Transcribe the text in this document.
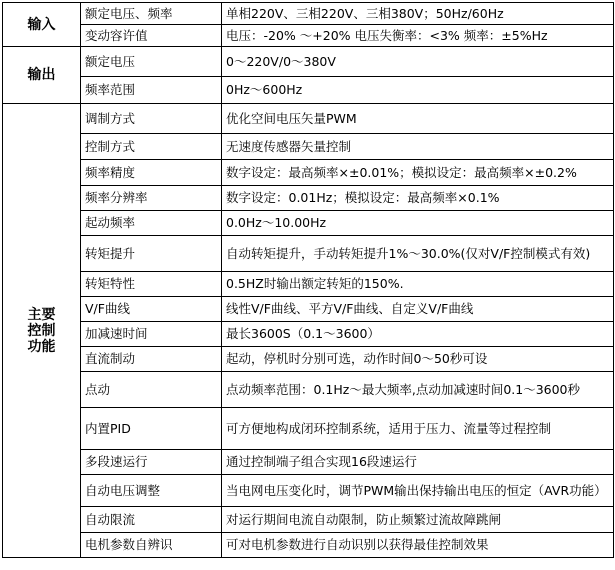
输入	额定电压、频率	单相220V、三相220V、三相380V；50Hz/60Hz
	变动容许值	电压：-20% ～+20% 电压失衡率：<3% 频率：±5%Hz
输出	额定电压	0～220V/0～380V
	频率范围	0Hz～600Hz
主要
控制
功能	调制方式	优化空间电压矢量PWM
	控制方式	无速度传感器矢量控制
	频率精度	数字设定：最高频率×±0.01%；模拟设定：最高频率×±0.2%
	频率分辨率	数字设定：0.01Hz；模拟设定：最高频率×0.1%
	起动频率	0.0Hz～10.00Hz
	转矩提升	自动转矩提升，手动转矩提升1%～30.0%(仅对V/F控制模式有效)
	转矩特性	0.5HZ时输出额定转矩的150%.
	V/F曲线	线性V/F曲线、平方V/F曲线、自定义V/F曲线
	加减速时间	最长3600S（0.1～3600）
	直流制动	起动，停机时分别可选，动作时间0～50秒可设
	点动	点动频率范围：0.1Hz～最大频率,点动加减速时间0.1～3600秒
	内置PID	可方便地构成闭环控制系统，适用于压力、流量等过程控制
	多段速运行	通过控制端子组合实现16段速运行
	自动电压调整	当电网电压变化时，调节PWM输出保持输出电压的恒定（AVR功能）
	自动限流	对运行期间电流自动限制，防止频繁过流故障跳闸
	电机参数自辨识	可对电机参数进行自动识别以获得最佳控制效果
